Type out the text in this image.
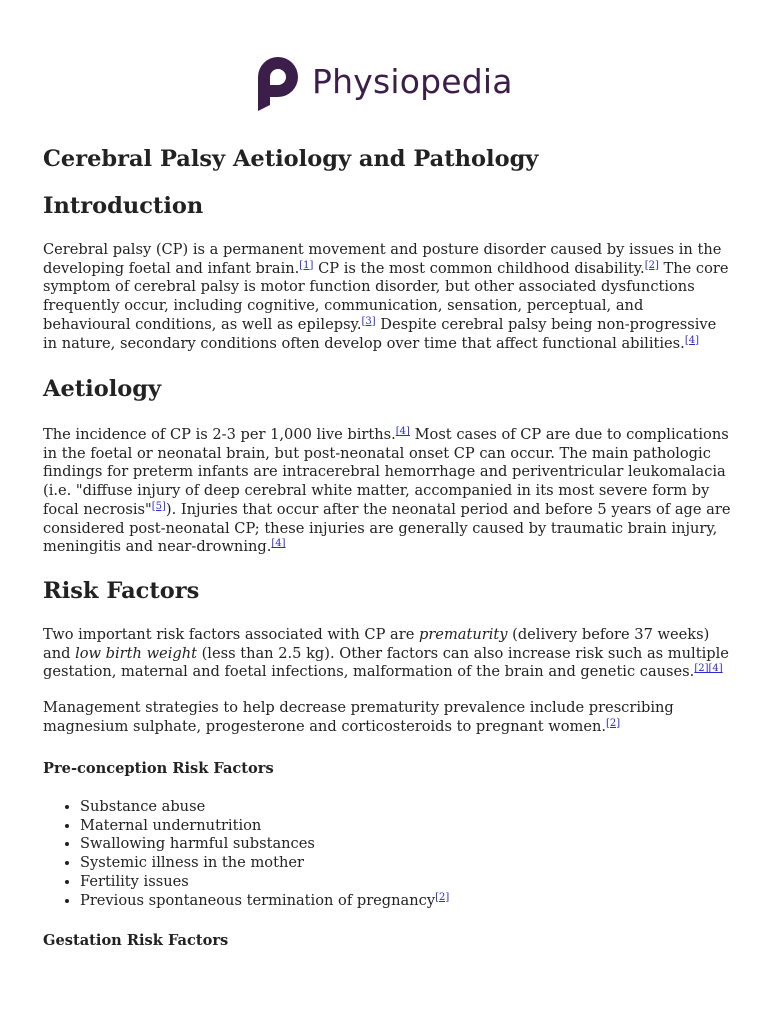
Physiopedia
Cerebral Palsy Aetiology and Pathology
Introduction

Cerebral palsy (CP) is a permanent movement and posture disorder caused by issues in the developing foetal and infant brain.[1] CP is the most common childhood disability.[2] The core symptom of cerebral palsy is motor function disorder, but other associated dysfunctions frequently occur, including cognitive, communication, sensation, perceptual, and behavioural conditions, as well as epilepsy.[3] Despite cerebral palsy being non-progressive in nature, secondary conditions often develop over time that affect functional abilities.[4]

Aetiology

The incidence of CP is 2-3 per 1,000 live births.[4] Most cases of CP are due to complications in the foetal or neonatal brain, but post-neonatal onset CP can occur. The main pathologic findings for preterm infants are intracerebral hemorrhage and periventricular leukomalacia (i.e. "diffuse injury of deep cerebral white matter, accompanied in its most severe form by focal necrosis"[5]). Injuries that occur after the neonatal period and before 5 years of age are considered post-neonatal CP; these injuries are generally caused by traumatic brain injury, meningitis and near-drowning.[4]

Risk Factors

Two important risk factors associated with CP are prematurity (delivery before 37 weeks) and low birth weight (less than 2.5 kg). Other factors can also increase risk such as multiple gestation, maternal and foetal infections, malformation of the brain and genetic causes.[2][4]

Management strategies to help decrease prematurity prevalence include prescribing magnesium sulphate, progesterone and corticosteroids to pregnant women.[2]

Pre-conception Risk Factors
• Substance abuse
• Maternal undernutrition
• Swallowing harmful substances
• Systemic illness in the mother
• Fertility issues
• Previous spontaneous termination of pregnancy[2]
Gestation Risk Factors
